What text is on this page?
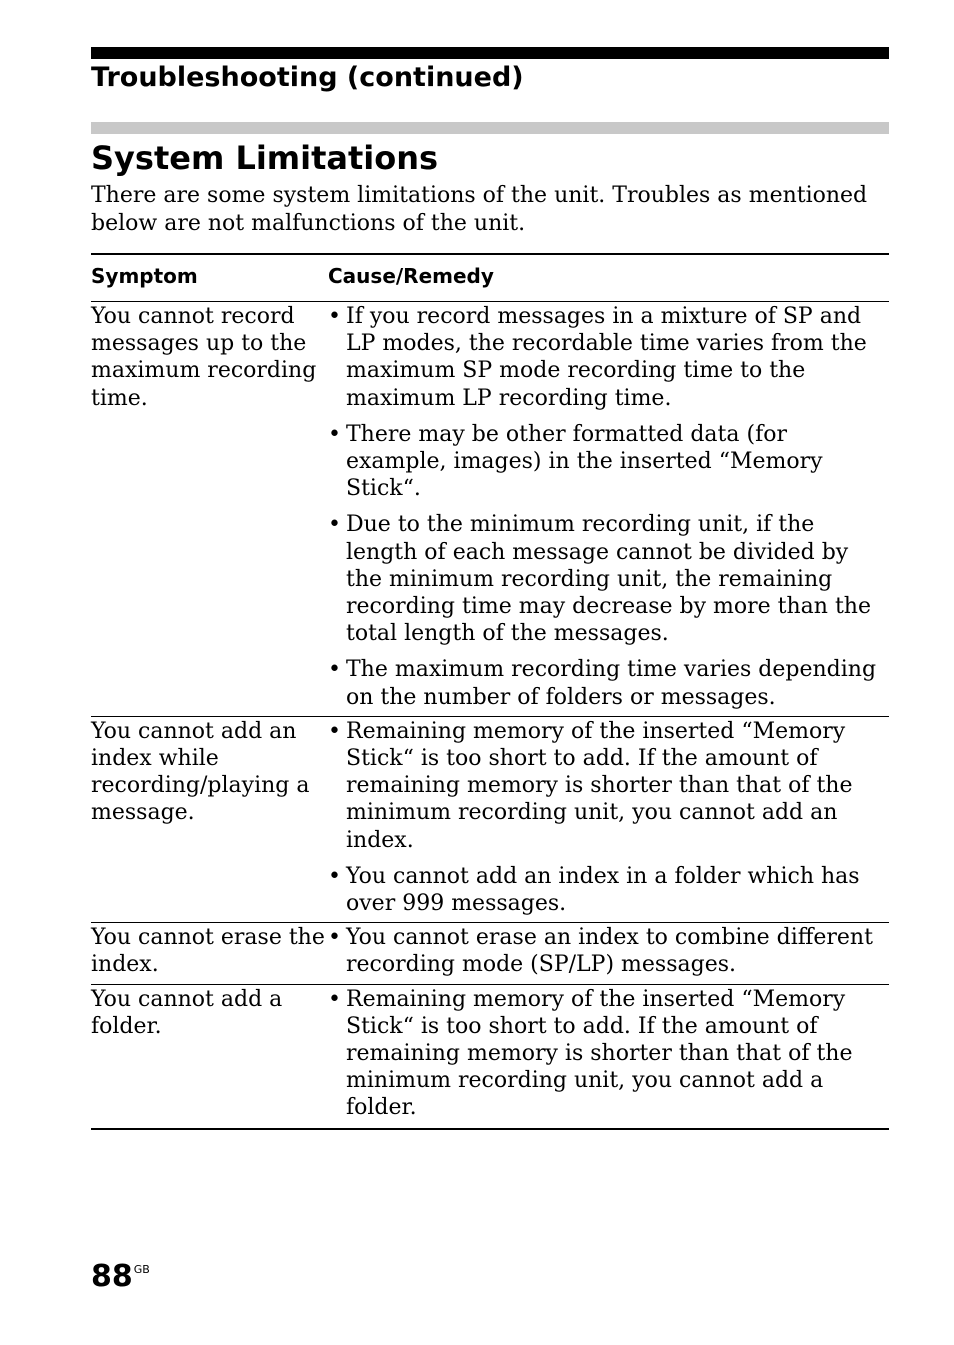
Troubleshooting (continued)
System Limitations
There are some system limitations of the unit. Troubles as mentioned below are not malfunctions of the unit.
Symptom	Cause/Remedy
You cannot record messages up to the maximum recording time.
• If you record messages in a mixture of SP and LP modes, the recordable time varies from the maximum SP mode recording time to the maximum LP recording time.
• There may be other formatted data (for example, images) in the inserted “Memory Stick“.
• Due to the minimum recording unit, if the length of each message cannot be divided by the minimum recording unit, the remaining recording time may decrease by more than the total length of the messages.
• The maximum recording time varies depending on the number of folders or messages.
You cannot add an index while recording/playing a message.
• Remaining memory of the inserted “Memory Stick“ is too short to add. If the amount of remaining memory is shorter than that of the minimum recording unit, you cannot add an index.
• You cannot add an index in a folder which has over 999 messages.
You cannot erase the index.
• You cannot erase an index to combine different recording mode (SP/LP) messages.
You cannot add a folder.
• Remaining memory of the inserted “Memory Stick“ is too short to add. If the amount of remaining memory is shorter than that of the minimum recording unit, you cannot add a folder.
$88^{GB}$
